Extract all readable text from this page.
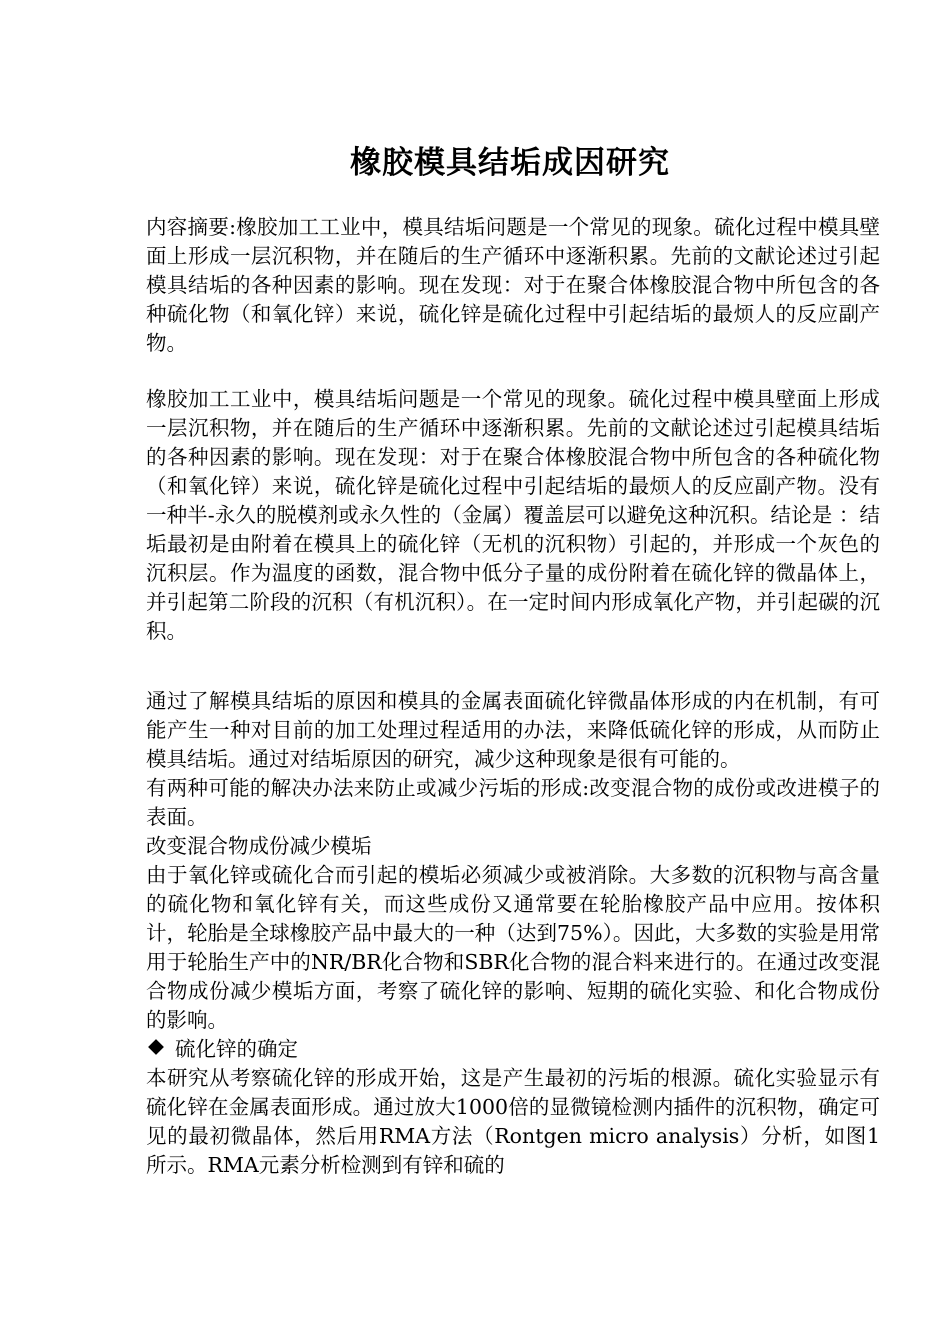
橡胶模具结垢成因研究

内容摘要:橡胶加工工业中，模具结垢问题是一个常见的现象。硫化过程中模具壁面上形成一层沉积物，并在随后的生产循环中逐渐积累。先前的文献论述过引起模具结垢的各种因素的影响。现在发现：对于在聚合体橡胶混合物中所包含的各种硫化物（和氧化锌）来说，硫化锌是硫化过程中引起结垢的最烦人的反应副产物。

橡胶加工工业中，模具结垢问题是一个常见的现象。硫化过程中模具壁面上形成一层沉积物，并在随后的生产循环中逐渐积累。先前的文献论述过引起模具结垢的各种因素的影响。现在发现：对于在聚合体橡胶混合物中所包含的各种硫化物（和氧化锌）来说，硫化锌是硫化过程中引起结垢的最烦人的反应副产物。没有一种半-永久的脱模剂或永久性的（金属）覆盖层可以避免这种沉积。结论是 ：结垢最初是由附着在模具上的硫化锌（无机的沉积物）引起的，并形成一个灰色的沉积层。作为温度的函数，混合物中低分子量的成份附着在硫化锌的微晶体上，并引起第二阶段的沉积（有机沉积）。在一定时间内形成氧化产物，并引起碳的沉积。

通过了解模具结垢的原因和模具的金属表面硫化锌微晶体形成的内在机制，有可能产生一种对目前的加工处理过程适用的办法，来降低硫化锌的形成，从而防止模具结垢。通过对结垢原因的研究，减少这种现象是很有可能的。

有两种可能的解决办法来防止或减少污垢的形成:改变混合物的成份或改进模子的表面。

改变混合物成份减少模垢

由于氧化锌或硫化合而引起的模垢必须减少或被消除。大多数的沉积物与高含量的硫化物和氧化锌有关，而这些成份又通常要在轮胎橡胶产品中应用。按体积计，轮胎是全球橡胶产品中最大的一种（达到75%）。因此，大多数的实验是用常用于轮胎生产中的NR/BR化合物和SBR化合物的混合料来进行的。在通过改变混合物成份减少模垢方面，考察了硫化锌的影响、短期的硫化实验、和化合物成份的影响。

硫化锌的确定

本研究从考察硫化锌的形成开始，这是产生最初的污垢的根源。硫化实验显示有硫化锌在金属表面形成。通过放大1000倍的显微镜检测内插件的沉积物，确定可见的最初微晶体，然后用RMA方法（Rontgen micro analysis）分析，如图1所示。RMA元素分析检测到有锌和硫的
